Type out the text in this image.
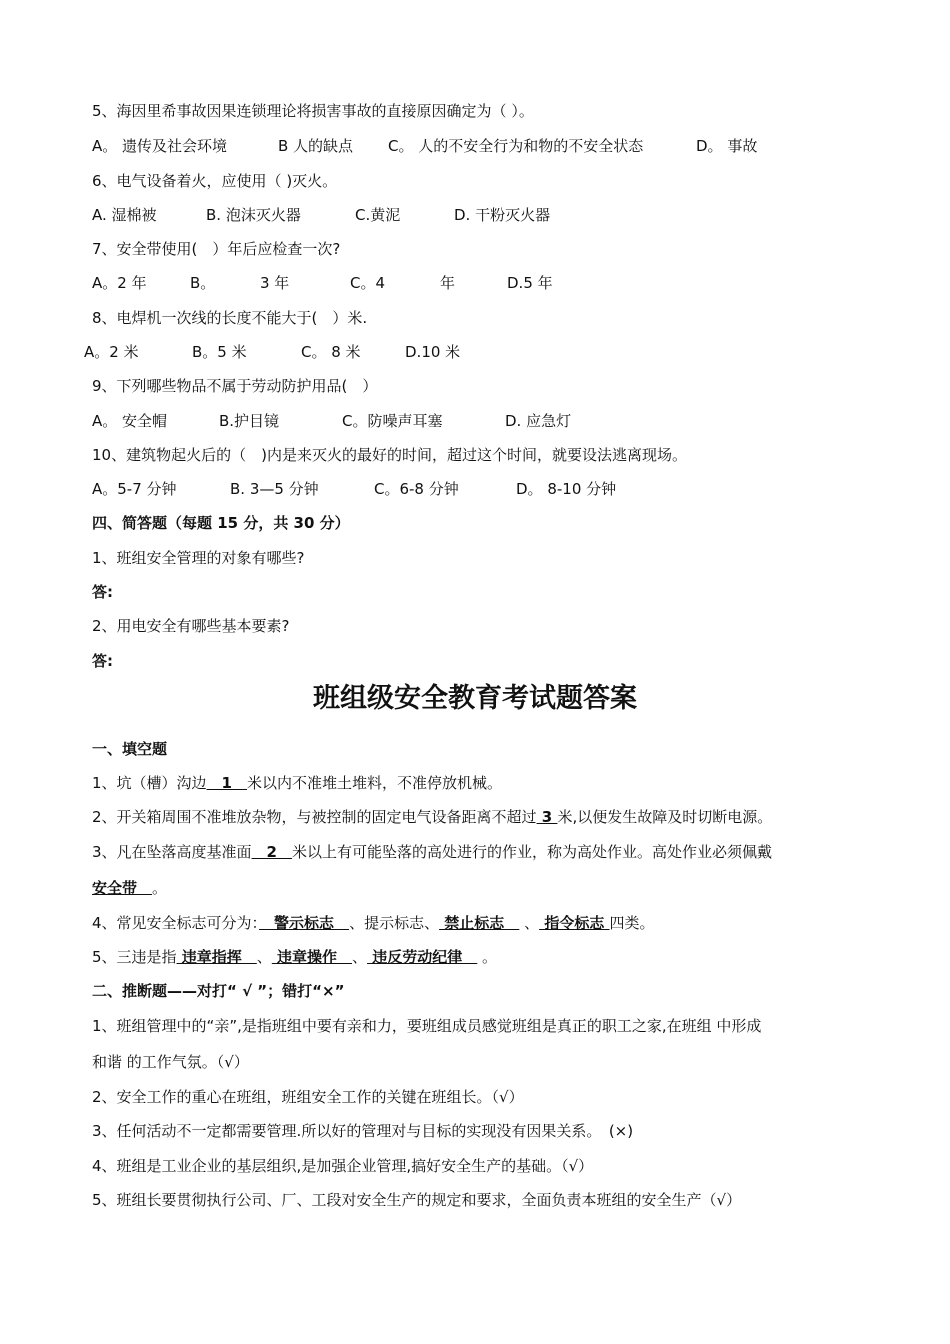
5、海因里希事故因果连锁理论将损害事故的直接原因确定为（ ）。
A。 遗传及社会环境	B 人的缺点 C。 人的不安全行为和物的不安全状态	D。 事故
6、电气设备着火，应使用（ )灭火。
A. 湿棉被	B. 泡沫灭火器	C.黄泥	D. 干粉灭火器
7、安全带使用(　）年后应检查一次?
A。2 年	B。	3 年	C。4	年	D.5 年
8、电焊机一次线的长度不能大于(　）米.
A。2 米	B。5 米	C。 8 米	D.10 米
9、下列哪些物品不属于劳动防护用品(　）
A。 安全帽	B.护目镜	C。防噪声耳塞	D. 应急灯
10、建筑物起火后的（　)内是来灭火的最好的时间，超过这个时间，就要设法逃离现场。
A。5-7 分钟	B. 3—5 分钟	C。6-8 分钟	D。 8-10 分钟
四、简答题（每题 15 分，共 30 分）
1、班组安全管理的对象有哪些?
答:
2、用电安全有哪些基本要素?
答:
班组级安全教育考试题答案
一、填空题
1、坑（槽）沟边　1　米以内不准堆土堆料，不准停放机械。
2、开关箱周围不准堆放杂物，与被控制的固定电气设备距离不超过 3 米,以便发生故障及时切断电源。
3、凡在坠落高度基准面　2　米以上有可能坠落的高处进行的作业，称为高处作业。高处作业必须佩戴
安全带　 。
4、常见安全标志可分为：　警示标志　、提示标志、 禁止标志　 、 指令标志 四类。
5、三违是指 违章指挥　、 违章操作　、 违反劳动纪律　 。
二、推断题——对打“ √ ”；错打“×”
1、班组管理中的“亲”,是指班组中要有亲和力，要班组成员感觉班组是真正的职工之家,在班组 中形成
和谐 的工作气氛。（√）
2、安全工作的重心在班组，班组安全工作的关键在班组长。（√）
3、任何活动不一定都需要管理.所以好的管理对与目标的实现没有因果关系。　(×)
4、班组是工业企业的基层组织,是加强企业管理,搞好安全生产的基础。（√）
5、班组长要贯彻执行公司、厂、工段对安全生产的规定和要求，全面负责本班组的安全生产（√）
